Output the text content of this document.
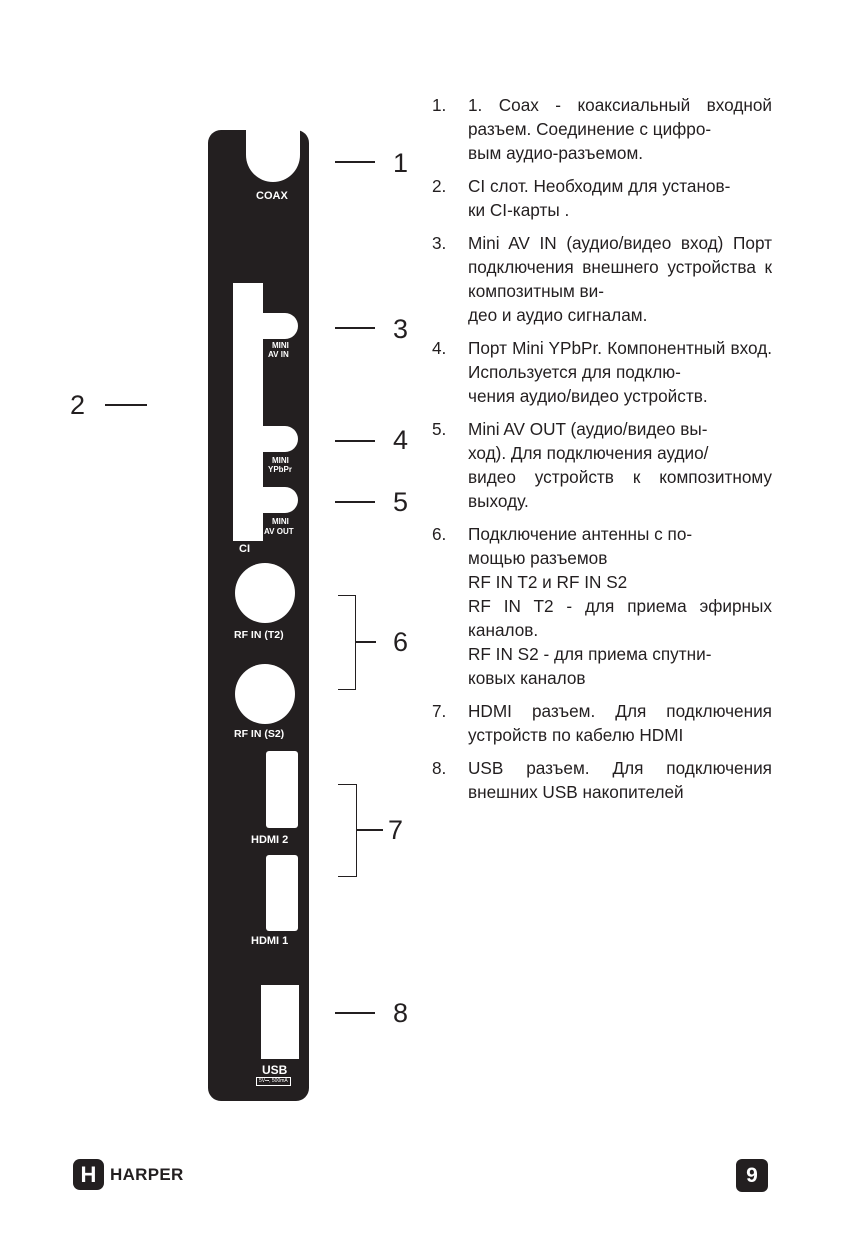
COAX
MINI
AV IN
MINI
YPbPr
MINI
AV OUT
CI
RF IN (T2)
RF IN (S2)
HDMI 2
HDMI 1
USB
5V⎓, 500mA
1
2
3
4
5
6
7
8
1. 1. Coax - коаксиальный входной разъем. Соединение с цифро-
вым аудио-разъемом.
2. CI слот. Необходим для установ-
ки CI-карты .
3. Mini AV IN (аудио/видео вход) Порт подключения внешнего устройства к композитным ви-
део и аудио сигналам.
4. Порт Mini YPbPr. Компонентный вход. Используется для подклю-
чения аудио/видео устройств.
5. Mini AV OUT (аудио/видео вы-
ход). Для подключения аудио/
видео устройств к композитному выходу.
6. Подключение антенны с по-
мощью разъемов
RF IN T2 и RF IN S2
RF IN T2 - для приема эфирных каналов.
RF IN S2 - для приема спутни-
ковых каналов
7. HDMI разъем. Для подключения устройств по кабелю HDMI
8. USB разъем. Для подключения внешних USB накопителей
H HARPER	9
